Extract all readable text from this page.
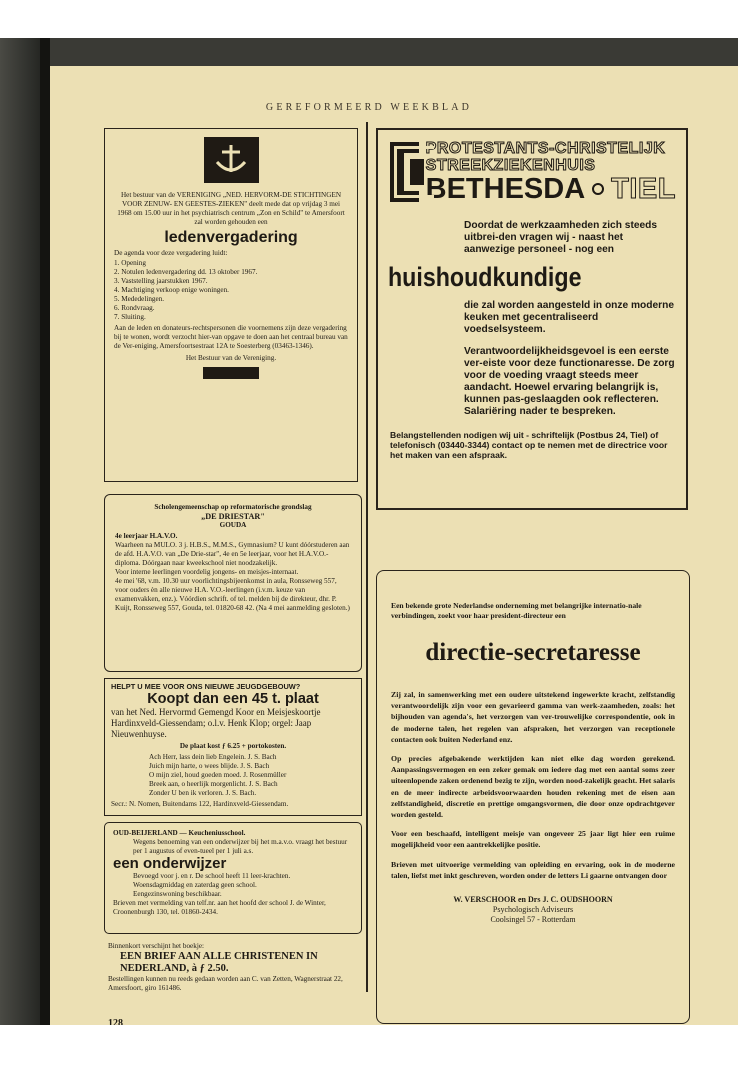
GEREFORMEERD WEEKBLAD
Het bestuur van de VERENIGING „NED. HERVORM-DE STICHTINGEN VOOR ZENUW- EN GEESTES-ZIEKEN" deelt mede dat op vrijdag 3 mei 1968 om 15.00 uur in het psychiatrisch centrum „Zon en Schild" te Amersfoort zal worden gehouden een
ledenvergadering
De agenda voor deze vergadering luidt:
1. Opening
2. Notulen ledenvergadering dd. 13 oktober 1967.
3. Vaststelling jaarstukken 1967.
4. Machtiging verkoop enige woningen.
5. Mededelingen.
6. Rondvraag.
7. Sluiting.
Aan de leden en donateurs-rechtspersonen die voornemens zijn deze vergadering bij te wonen, wordt verzocht hier-van opgave te doen aan het centraal bureau van de Ver-eniging, Amersfoortsestraat 12A te Soesterberg (03463-1346).
Het Bestuur van de Vereniging.
Scholengemeenschap op reformatorische grondslag
„DE DRIESTAR"
GOUDA
4e leerjaar H.A.V.O.
Waarheen na MULO. 3 j. H.B.S., M.M.S., Gymnasium? U kunt dóórstuderen aan de afd. H.A.V.O. van „De Drie-star", 4e en 5e leerjaar, voor het H.A.V.O.-diploma. Dóórgaan naar kweekschool niet noodzakelijk.
Voor interne leerlingen voordelig jongens- en meisjes-internaat.
4e mei '68, v.m. 10.30 uur voorlichtingsbijeenkomst in aula, Ronsseweg 557, voor ouders èn alle nieuwe H.A. V.O.-leerlingen (i.v.m. keuze van examenvakken, enz.). Vóórdien schrift. of tel. melden bij de direkteur, dhr. P. Kuijt, Ronsseweg 557, Gouda, tel. 01820-68 42. (Na 4 mei aanmelding gesloten.)
HELPT U MEE VOOR ONS NIEUWE JEUGDGEBOUW?
Koopt dan een 45 t. plaat
van het Ned. Hervormd Gemengd Koor en Meisjeskoortje Hardinxveld-Giessendam; o.l.v. Henk Klop; orgel: Jaap Nieuwenhuyse.
De plaat kost ƒ 6.25 + portokosten.
Ach Herr, lass dein lieb Engelein. J. S. Bach
Juich mijn harte, o wees blijde. J. S. Bach
O mijn ziel, houd goeden moed. J. Rosenmüller
Breek aan, o heerlijk morgenlicht. J. S. Bach
Zonder U ben ik verloren. J. S. Bach.
Secr.: N. Nomen, Buitendams 122, Hardinxveld-Giessendam.
OUD-BEIJERLAND — Keucheniusschool.
Wegens benoeming van een onderwijzer bij het m.a.v.o. vraagt het bestuur per 1 augustus of even-tueel per 1 juli a.s.
een onderwijzer
Bevoegd voor j. en r. De school heeft 11 leer-krachten.
Woensdagmiddag en zaterdag geen school.
Eengezinswoning beschikbaar.
Brieven met vermelding van telf.nr. aan het hoofd der school J. de Winter, Croonenburgh 130, tel. 01860-2434.
Binnenkort verschijnt het boekje:
EEN BRIEF AAN ALLE CHRISTENEN IN NEDERLAND, à ƒ 2.50.
Bestellingen kunnen nu reeds gedaan worden aan C. van Zetten, Wagnerstraat 22, Amersfoort, giro 161486.
128
PROTESTANTS-CHRISTELIJK
STREEKZIEKENHUIS
BETHESDA TIEL
Doordat de werkzaamheden zich steeds uitbrei-den vragen wij - naast het aanwezige personeel - nog een
huishoudkundige
die zal worden aangesteld in onze moderne keuken met gecentraliseerd voedselsysteem.
Verantwoordelijkheidsgevoel is een eerste ver-eiste voor deze functionaresse. De zorg voor de voeding vraagt steeds meer aandacht. Hoewel ervaring belangrijk is, kunnen pas-geslaagden ook reflecteren. Salariëring nader te bespreken.
Belangstellenden nodigen wij uit - schriftelijk (Postbus 24, Tiel) of telefonisch (03440-3344) contact op te nemen met de directrice voor het maken van een afspraak.
Een bekende grote Nederlandse onderneming met belangrijke internatio-nale verbindingen, zoekt voor haar president-directeur een
directie-secretaresse
Zij zal, in samenwerking met een oudere uitstekend ingewerkte kracht, zelfstandig verantwoordelijk zijn voor een gevarieerd gamma van werk-zaamheden, zoals: het bijhouden van agenda's, het verzorgen van ver-trouwelijke correspondentie, ook in de moderne talen, het regelen van afspraken, het verzorgen van receptionele contacten ook buiten Nederland enz.
Op precies afgebakende werktijden kan niet elke dag worden gerekend. Aanpassingsvermogen en een zeker gemak om iedere dag met een aantal soms zeer uiteenlopende zaken ordenend bezig te zijn, worden nood-zakelijk geacht. Het salaris en de meer indirecte arbeidsvoorwaarden houden rekening met de eisen aan zelfstandigheid, discretie en prettige omgangsvormen, die door onze opdrachtgever worden gesteld.
Voor een beschaafd, intelligent meisje van ongeveer 25 jaar ligt hier een ruime mogelijkheid voor een aantrekkelijke positie.
Brieven met uitvoerige vermelding van opleiding en ervaring, ook in de moderne talen, liefst met inkt geschreven, worden onder de letters Li gaarne ontvangen door
W. VERSCHOOR en Drs J. C. OUDSHOORN
Psychologisch Adviseurs
Coolsingel 57 - Rotterdam
